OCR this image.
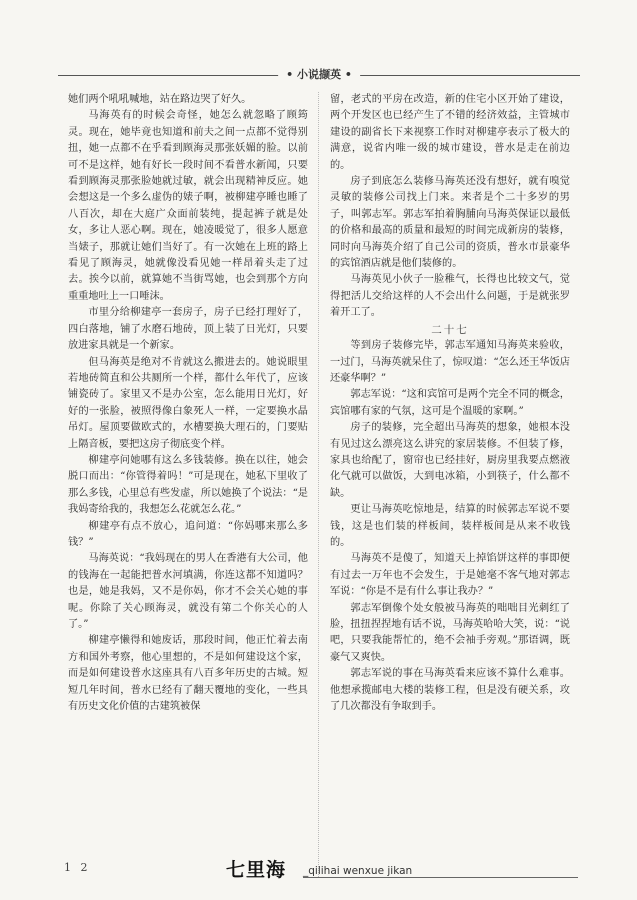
• 小说撷英 •

她们两个吼吼喊地，站在路边哭了好久。

马海英有的时候会奇怪，她怎么就忽略了顾筠灵。现在，她毕竟也知道和前夫之间一点都不觉得别扭，她一点都不在乎看到顾海灵那张妖媚的脸。以前可不是这样，她有好长一段时间不看普水新闻，只要看到顾海灵那张脸她就过敏，就会出现精神反应。她会想这是一个多么虚伪的婊子啊，被柳建亭睡也睡了八百次，却在大庭广众面前装纯，提起裤子就是处女，多让人恶心啊。现在，她凌暖觉了，很多人愿意当婊子，那就让她们当好了。有一次她在上班的路上看见了顾海灵，她就像没看见她一样昂着头走了过去。挨今以前，就算她不当街骂她，也会到那个方向重重地吐上一口唾沫。

市里分给柳建亭一套房子，房子已经打理好了，四白落地，铺了水磨石地砖，顶上装了日光灯，只要放进家具就是一个新家。

但马海英是绝对不肯就这么搬进去的。她说眼里若地砖简直和公共厕所一个样，都什么年代了，应该铺瓷砖了。家里又不是办公室，怎么能用日光灯，好好的一张脸，被照得像白象死人一样，一定要换水晶吊灯。屋顶要做欧式的，水槽要换大理石的，门要贴上隔音板，要把这房子彻底变个样。

柳建亭问她哪有这么多钱装修。换在以往，她会脱口而出：“你管得着吗！”可是现在，她私下里收了那么多钱，心里总有些发虚，所以她换了个说法：“是我妈寄给我的，我想怎么花就怎么花。”

柳建亭有点不放心，追问道：“你妈哪来那么多钱？”

马海英说：“我妈现在的男人在香港有大公司，他的钱海在一起能把普水河填满，你连这都不知道吗？也是，她是我妈，又不是你妈，你才不会关心她的事呢。你除了关心顾海灵，就没有第二个你关心的人了。”

柳建亭懒得和她废话，那段时间，他正忙着去南方和国外考察，他心里想的，不是如何建设这个家，而是如何建设普水这座具有八百多年历史的古城。短短几年时间，普水已经有了翻天覆地的变化，一些具有历史文化价值的古建筑被保

留，老式的平房在改造，新的住宅小区开始了建设，两个开发区也已经产生了不错的经济效益，主管城市建设的副省长下来视察工作时对柳建亭表示了极大的满意，说省内唯一级的城市建设，普水是走在前边的。

房子到底怎么装修马海英还没有想好，就有嗅觉灵敏的装修公司找上门来。来者是个二十多岁的男子，叫郭志军。郭志军拍着胸脯向马海英保证以最低的价格和最高的质量和最短的时间完成新房的装修，同时向马海英介绍了自己公司的资质，普水市景豪华的宾馆酒店就是他们装修的。

马海英见小伙子一脸稚气，长得也比较文气，觉得把活儿交给这样的人不会出什么问题，于是就张罗着开工了。

二十七

等到房子装修完毕，郭志军通知马海英来验收，一过门，马海英就呆住了，惊叹道：“怎么还王华饭店还豪华啊？”

郭志军说：“这和宾馆可是两个完全不同的概念，宾馆哪有家的气氛，这可是个温暖的家啊。”

房子的装修，完全超出马海英的想象，她根本没有见过这么漂亮这么讲究的家居装修。不但装了修，家具也给配了，窗帘也已经挂好，厨房里我要点燃液化气就可以做饭，大到电冰箱，小到筷子，什么都不缺。

更让马海英吃惊地是，结算的时候郭志军说不要钱，这是也们装的样板间，装样板间是从来不收钱的。

马海英不是傻了，知道天上掉馅饼这样的事即便有过去一万年也不会发生，于是她毫不客气地对郭志军说：“你是不是有什么事让我办？”

郭志军倒像个处女般被马海英的咄咄目光刺红了脸，扭扭捏捏地有话不说，马海英哈哈大笑，说：“说吧，只要我能帮忙的，绝不会袖手旁观。”那语调，既豪气又爽快。

郭志军说的事在马海英看来应该不算什么难事。他想承揽邮电大楼的装修工程，但是没有硬关系，攻了几次都没有争取到手。

1 2	七里海 _qilihai wenxue jikan
